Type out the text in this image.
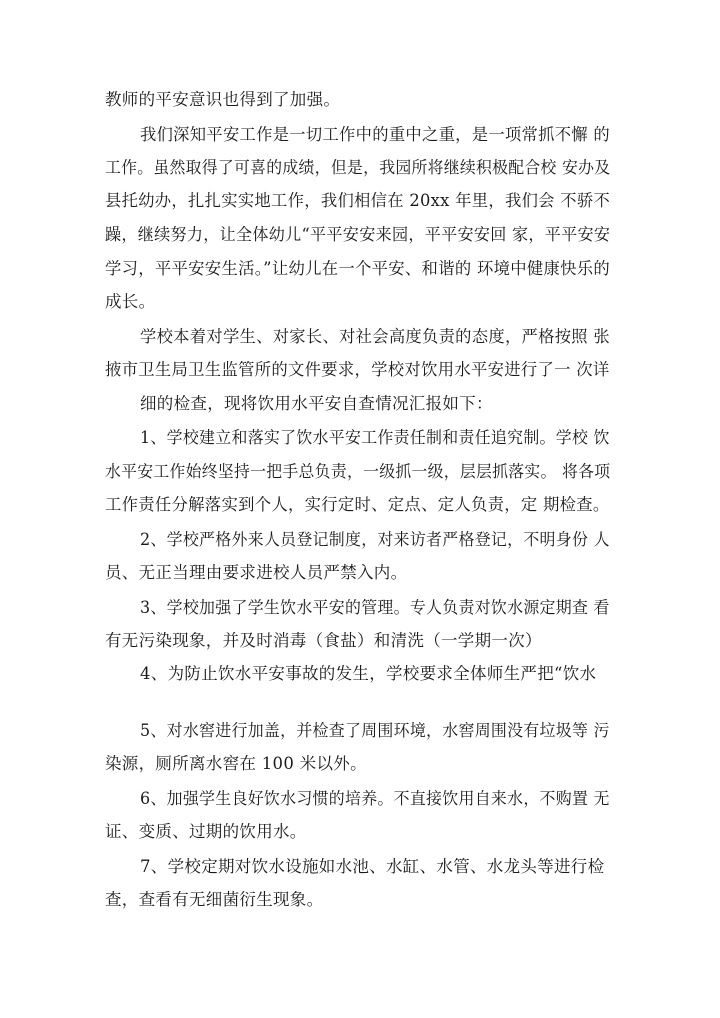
教师的平安意识也得到了加强。
我们深知平安工作是一切工作中的重中之重，是一项常抓不懈 的
工作。虽然取得了可喜的成绩，但是，我园所将继续积极配合校 安办及
县托幼办，扎扎实实地工作，我们相信在 20xx 年里，我们会 不骄不
躁，继续努力，让全体幼儿“平平安安来园，平平安安回 家，平平安安
学习，平平安安生活。”让幼儿在一个平安、和谐的 环境中健康快乐的
成长。
学校本着对学生、对家长、对社会高度负责的态度，严格按照 张
掖市卫生局卫生监管所的文件要求，学校对饮用水平安进行了一 次详
细的检查，现将饮用水平安自查情况汇报如下：
1、学校建立和落实了饮水平安工作责任制和责任追究制。学校 饮
水平安工作始终坚持一把手总负责，一级抓一级，层层抓落实。 将各项
工作责任分解落实到个人，实行定时、定点、定人负责，定 期检查。
2、学校严格外来人员登记制度，对来访者严格登记，不明身份 人
员、无正当理由要求进校人员严禁入内。
3、学校加强了学生饮水平安的管理。专人负责对饮水源定期查 看
有无污染现象，并及时消毒（食盐）和清洗（一学期一次）
4、为防止饮水平安事故的发生，学校要求全体师生严把“饮水
5、对水窖进行加盖，并检查了周围环境，水窖周围没有垃圾等 污
染源，厕所离水窖在 100 米以外。
6、加强学生良好饮水习惯的培养。不直接饮用自来水，不购置 无
证、变质、过期的饮用水。
7、学校定期对饮水设施如水池、水缸、水管、水龙头等进行检
查，查看有无细菌衍生现象。
